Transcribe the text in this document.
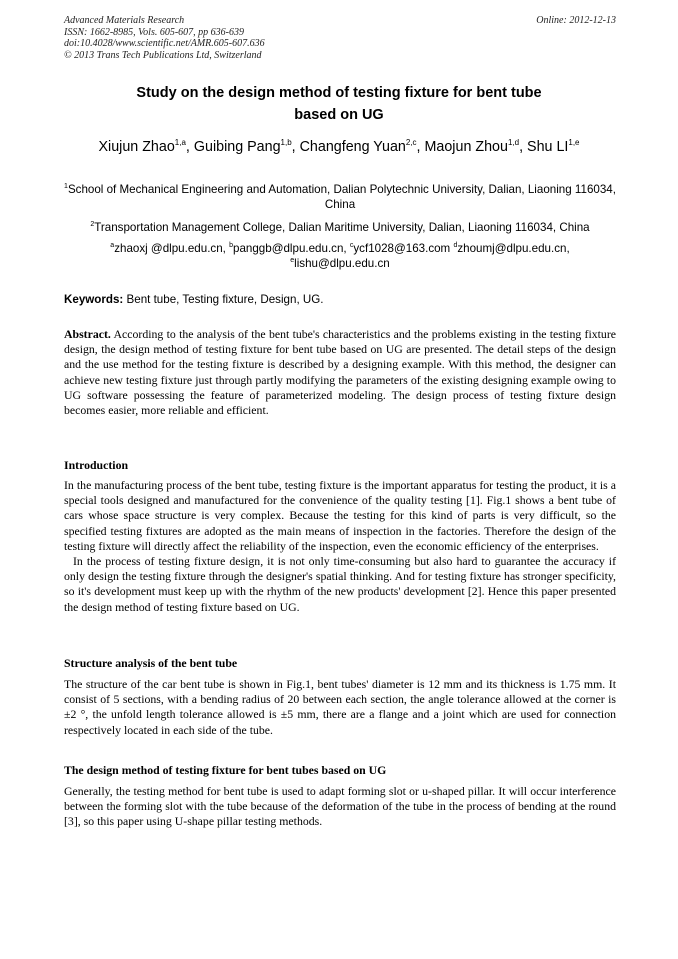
Advanced Materials Research
ISSN: 1662-8985, Vols. 605-607, pp 636-639
doi:10.4028/www.scientific.net/AMR.605-607.636
© 2013 Trans Tech Publications Ltd, Switzerland
Online: 2012-12-13
Study on the design method of testing fixture for bent tube
based on UG
Xiujun Zhao$^{1,a}$, Guibing Pang$^{1,b}$, Changfeng Yuan$^{2,c}$, Maojun Zhou$^{1,d}$, Shu LI$^{1,e}$
$^1$School of Mechanical Engineering and Automation, Dalian Polytechnic University, Dalian, Liaoning 116034, China
$^2$Transportation Management College, Dalian Maritime University, Dalian, Liaoning 116034, China
$^a$zhaoxj @dlpu.edu.cn, $^b$panggb@dlpu.edu.cn, $^c$ycf1028@163.com $^d$zhoumj@dlpu.edu.cn, $^e$lishu@dlpu.edu.cn
Keywords: Bent tube, Testing fixture, Design, UG.
Abstract. According to the analysis of the bent tube's characteristics and the problems existing in the testing fixture design, the design method of testing fixture for bent tube based on UG are presented. The detail steps of the design and the use method for the testing fixture is described by a designing example. With this method, the designer can achieve new testing fixture just through partly modifying the parameters of the existing designing example owing to UG software possessing the feature of parameterized modeling. The design process of testing fixture design becomes easier, more reliable and efficient.
Introduction
In the manufacturing process of the bent tube, testing fixture is the important apparatus for testing the product, it is a special tools designed and manufactured for the convenience of the quality testing [1]. Fig.1 shows a bent tube of cars whose space structure is very complex. Because the testing for this kind of parts is very difficult, so the specified testing fixtures are adopted as the main means of inspection in the factories. Therefore the design of the testing fixture will directly affect the reliability of the inspection, even the economic efficiency of the enterprises.
In the process of testing fixture design, it is not only time-consuming but also hard to guarantee the accuracy if only design the testing fixture through the designer's spatial thinking. And for testing fixture has stronger specificity, so it's development must keep up with the rhythm of the new products' development [2]. Hence this paper presented the design method of testing fixture based on UG.
Structure analysis of the bent tube
The structure of the car bent tube is shown in Fig.1, bent tubes' diameter is 12 mm and its thickness is 1.75 mm. It consist of 5 sections, with a bending radius of 20 between each section, the angle tolerance allowed at the corner is ±2 °, the unfold length tolerance allowed is ±5 mm, there are a flange and a joint which are used for connection respectively located in each side of the tube.
The design method of testing fixture for bent tubes based on UG
Generally, the testing method for bent tube is used to adapt forming slot or u-shaped pillar. It will occur interference between the forming slot with the tube because of the deformation of the tube in the process of bending at the round [3], so this paper using U-shape pillar testing methods.
